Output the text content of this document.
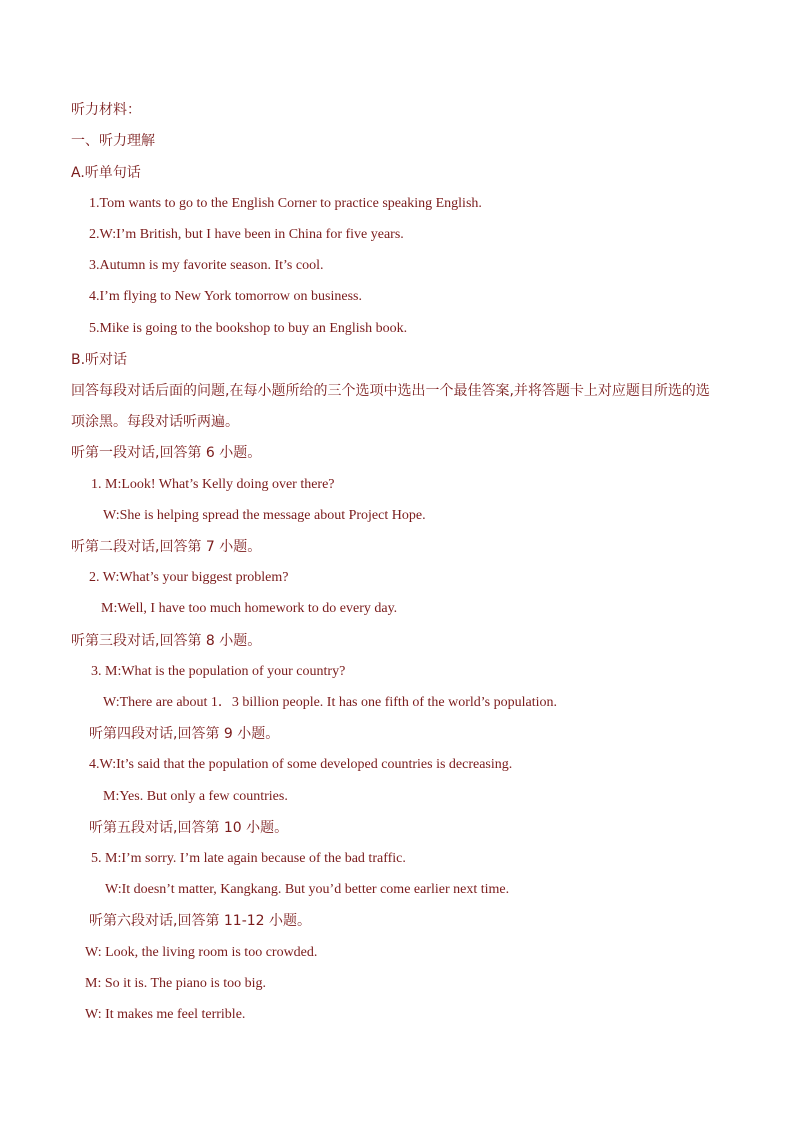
听力材料：
一、听力理解
A.听单句话
1.Tom wants to go to the English Corner to practice speaking English.
2.W:I’m British, but I have been in China for five years.
3.Autumn is my favorite season. It’s cool.
4.I’m flying to New York tomorrow on business.
5.Mike is going to the bookshop to buy an English book.
B.听对话
回答每段对话后面的问题,在每小题所给的三个选项中选出一个最佳答案,并将答题卡上对应题目所选的选
项涂黑。每段对话听两遍。
听第一段对话,回答第 6 小题。
1. M:Look! What’s Kelly doing over there?
W:She is helping spread the message about Project Hope.
听第二段对话,回答第 7 小题。
2. W:What’s your biggest problem?
M:Well, I have too much homework to do every day.
听第三段对话,回答第 8 小题。
3. M:What is the population of your country?
W:There are about 1．3 billion people. It has one fifth of the world’s population.
听第四段对话,回答第 9 小题。
4.W:It’s said that the population of some developed countries is decreasing.
M:Yes. But only a few countries.
听第五段对话,回答第 10 小题。
5. M:I’m sorry. I’m late again because of the bad traffic.
W:It doesn’t matter, Kangkang. But you’d better come earlier next time.
听第六段对话,回答第 11-12 小题。
W: Look, the living room is too crowded.
M: So it is. The piano is too big.
W: It makes me feel terrible.
